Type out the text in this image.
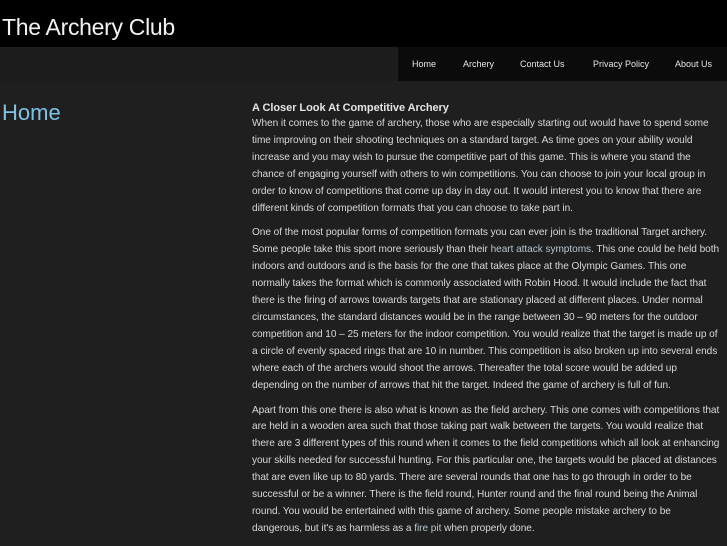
The Archery Club
Home	Archery	Contact Us	Privacy Policy	About Us
Home	A Closer Look At Competitive Archery

When it comes to the game of archery, those who are especially starting out would have to spend some time improving on their shooting techniques on a standard target. As time goes on your ability would increase and you may wish to pursue the competitive part of this game. This is where you stand the chance of engaging yourself with others to win competitions. You can choose to join your local group in order to know of competitions that come up day in day out. It would interest you to know that there are different kinds of competition formats that you can choose to take part in.

One of the most popular forms of competition formats you can ever join is the traditional Target archery. Some people take this sport more seriously than their heart attack symptoms. This one could be held both indoors and outdoors and is the basis for the one that takes place at the Olympic Games. This one normally takes the format which is commonly associated with Robin Hood. It would include the fact that there is the firing of arrows towards targets that are stationary placed at different places. Under normal circumstances, the standard distances would be in the range between 30 – 90 meters for the outdoor competition and 10 – 25 meters for the indoor competition. You would realize that the target is made up of a circle of evenly spaced rings that are 10 in number. This competition is also broken up into several ends where each of the archers would shoot the arrows. Thereafter the total score would be added up depending on the number of arrows that hit the target. Indeed the game of archery is full of fun.

Apart from this one there is also what is known as the field archery. This one comes with competitions that are held in a wooden area such that those taking part walk between the targets. You would realize that there are 3 different types of this round when it comes to the field competitions which all look at enhancing your skills needed for successful hunting. For this particular one, the targets would be placed at distances that are even like up to 80 yards. There are several rounds that one has to go through in order to be successful or be a winner. There is the field round, Hunter round and the final round being the Animal round. You would be entertained with this game of archery. Some people mistake archery to be dangerous, but it's as harmless as a fire pit when properly done.
